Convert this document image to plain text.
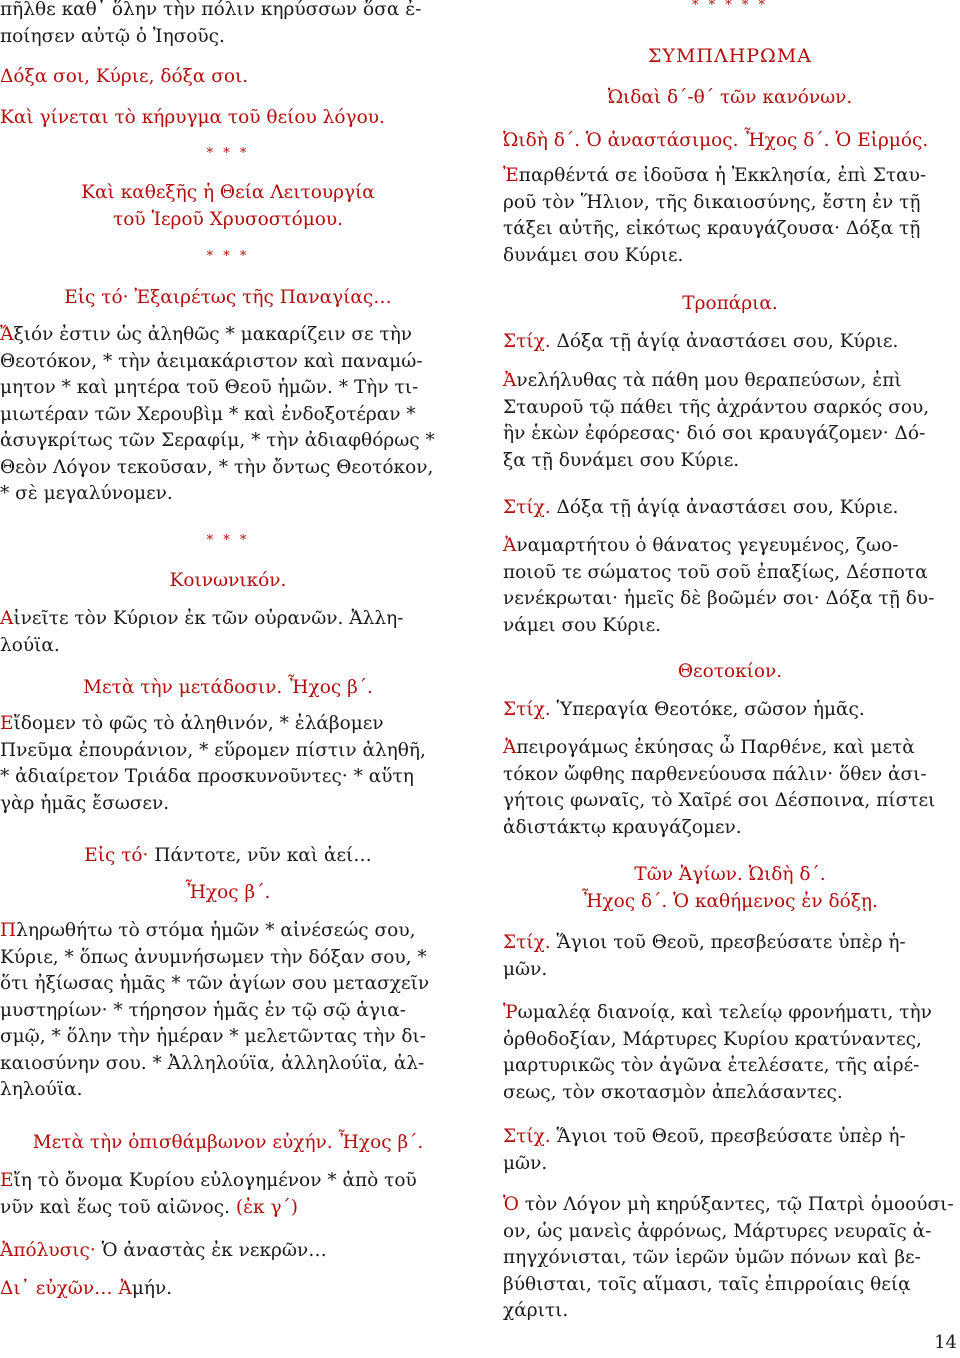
πῆλθε καθ᾽ ὅλην τὴν πόλιν κηρύσσων ὅσα ἐ-
ποίησεν αὐτῷ ὁ Ἰησοῦς.

Δόξα σοι, Κύριε, δόξα σοι.

Καὶ γίνεται τὸ κήρυγμα τοῦ θείου λόγου.

* * *

Καὶ καθεξῆς ἡ Θεία Λειτουργία
τοῦ Ἱεροῦ Χρυσοστόμου.

* * *

Εἰς τό· Ἐξαιρέτως τῆς Παναγίας…

Ἄξιόν ἐστιν ὡς ἀληθῶς * μακαρίζειν σε τὴν
Θεοτόκον, * τὴν ἀειμακάριστον καὶ παναμώ-
μητον * καὶ μητέρα τοῦ Θεοῦ ἡμῶν. * Τὴν τι-
μιωτέραν τῶν Χερουβὶμ * καὶ ἐνδοξοτέραν *
ἀσυγκρίτως τῶν Σεραφίμ, * τὴν ἀδιαφθόρως *
Θεὸν Λόγον τεκοῦσαν, * τὴν ὄντως Θεοτόκον,
* σὲ μεγαλύνομεν.

* * *

Κοινωνικόν.

Αἰνεῖτε τὸν Κύριον ἐκ τῶν οὐρανῶν. Ἀλλη-
λούϊα.

Μετὰ τὴν μετάδοσιν. Ἦχος β΄.

Εἴδομεν τὸ φῶς τὸ ἀληθινόν, * ἐλάβομεν
Πνεῦμα ἐπουράνιον, * εὕρομεν πίστιν ἀληθῆ,
* ἀδιαίρετον Τριάδα προσκυνοῦντες· * αὕτη
γὰρ ἡμᾶς ἔσωσεν.

Εἰς τό· Πάντοτε, νῦν καὶ ἀεί…

Ἦχος β΄.

Πληρωθήτω τὸ στόμα ἡμῶν * αἰνέσεώς σου,
Κύριε, * ὅπως ἀνυμνήσωμεν τὴν δόξαν σου, *
ὅτι ἠξίωσας ἡμᾶς * τῶν ἁγίων σου μετασχεῖν
μυστηρίων· * τήρησον ἡμᾶς ἐν τῷ σῷ ἁγια-
σμῷ, * ὅλην τὴν ἡμέραν * μελετῶντας τὴν δι-
καιοσύνην σου. * Ἀλληλούϊα, ἀλληλούϊα, ἀλ-
ληλούϊα.

Μετὰ τὴν ὀπισθάμβωνον εὐχήν. Ἦχος β΄.

Εἴη τὸ ὄνομα Κυρίου εὐλογημένον * ἀπὸ τοῦ
νῦν καὶ ἕως τοῦ αἰῶνος. (ἐκ γ΄)

Ἀπόλυσις· Ὁ ἀναστὰς ἐκ νεκρῶν…

Δι᾽ εὐχῶν… Ἀμήν.

* * * * *

ΣΥΜΠΛΗΡΩΜΑ

Ὠιδαὶ δ΄-θ΄ τῶν κανόνων.

Ὠιδὴ δ΄. Ὁ ἀναστάσιμος. Ἦχος δ΄. Ὁ Εἱρμός.

Ἐπαρθέντά σε ἰδοῦσα ἡ Ἐκκλησία, ἐπὶ Σταυ-
ροῦ τὸν Ἥλιον, τῆς δικαιοσύνης, ἔστη ἐν τῇ
τάξει αὐτῆς, εἰκότως κραυγάζουσα· Δόξα τῇ
δυνάμει σου Κύριε.

Τροπάρια.

Στίχ. Δόξα τῇ ἁγίᾳ ἀναστάσει σου, Κύριε.

Ἀνελήλυθας τὰ πάθη μου θεραπεύσων, ἐπὶ
Σταυροῦ τῷ πάθει τῆς ἀχράντου σαρκός σου,
ἣν ἑκὼν ἐφόρεσας· διό σοι κραυγάζομεν· Δό-
ξα τῇ δυνάμει σου Κύριε.

Στίχ. Δόξα τῇ ἁγίᾳ ἀναστάσει σου, Κύριε.

Ἀναμαρτήτου ὁ θάνατος γεγευμένος, ζωο-
ποιοῦ τε σώματος τοῦ σοῦ ἐπαξίως, Δέσποτα
νενέκρωται· ἡμεῖς δὲ βοῶμέν σοι· Δόξα τῇ δυ-
νάμει σου Κύριε.

Θεοτοκίον.

Στίχ. Ὑπεραγία Θεοτόκε, σῶσον ἡμᾶς.

Ἀπειρογάμως ἐκύησας ὦ Παρθένε, καὶ μετὰ
τόκον ὤφθης παρθενεύουσα πάλιν· ὅθεν ἀσι-
γήτοις φωναῖς, τὸ Χαῖρέ σοι Δέσποινα, πίστει
ἀδιστάκτῳ κραυγάζομεν.

Τῶν Ἁγίων. Ὠιδὴ δ΄.
Ἦχος δ΄. Ὁ καθήμενος ἐν δόξῃ.

Στίχ. Ἅγιοι τοῦ Θεοῦ, πρεσβεύσατε ὑπὲρ ἡ-
μῶν.

Ῥωμαλέᾳ διανοίᾳ, καὶ τελείῳ φρονήματι, τὴν
ὀρθοδοξίαν, Μάρτυρες Κυρίου κρατύναντες,
μαρτυρικῶς τὸν ἀγῶνα ἐτελέσατε, τῆς αἱρέ-
σεως, τὸν σκοτασμὸν ἀπελάσαντες.

Στίχ. Ἅγιοι τοῦ Θεοῦ, πρεσβεύσατε ὑπὲρ ἡ-
μῶν.

Ὁ τὸν Λόγον μὴ κηρύξαντες, τῷ Πατρὶ ὁμοούσι-
ον, ὡς μανεὶς ἀφρόνως, Μάρτυρες νευραῖς ἀ-
πηγχόνισται, τῶν ἱερῶν ὑμῶν πόνων καὶ βε-
βύθισται, τοῖς αἵμασι, ταῖς ἐπιρροίαις θείᾳ
χάριτι.

14
